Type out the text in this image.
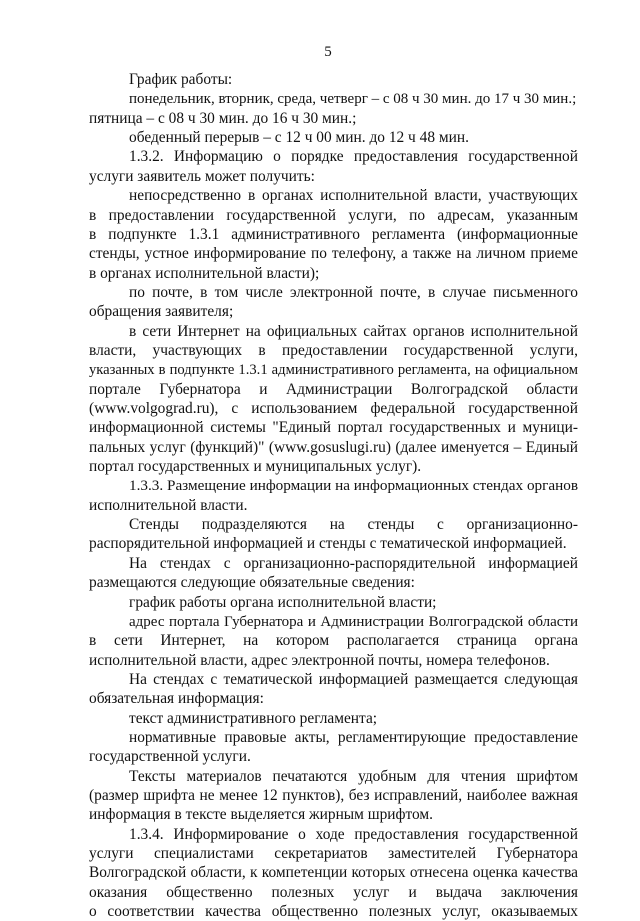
5
График работы:
понедельник, вторник, среда, четверг – с 08 ч 30 мин. до 17 ч 30 мин.;
пятница – с 08 ч 30 мин. до 16 ч 30 мин.;
обеденный перерыв – с 12 ч 00 мин. до 12 ч 48 мин.
1.3.2. Информацию о порядке предоставления государственной
услуги заявитель может получить:
непосредственно в органах исполнительной власти, участвующих
в предоставлении государственной услуги, по адресам, указанным
в подпункте 1.3.1 административного регламента (информационные
стенды, устное информирование по телефону, а также на личном приеме
в органах исполнительной власти);
по почте, в том числе электронной почте, в случае письменного
обращения заявителя;
в сети Интернет на официальных сайтах органов исполнительной
власти, участвующих в предоставлении государственной услуги,
указанных в подпункте 1.3.1 административного регламента, на официальном
портале Губернатора и Администрации Волгоградской области
(www.volgograd.ru), с использованием федеральной государственной
информационной системы "Единый портал государственных и муници-
пальных услуг (функций)" (www.gosuslugi.ru) (далее именуется – Единый
портал государственных и муниципальных услуг).
1.3.3. Размещение информации на информационных стендах органов
исполнительной власти.
Стенды подразделяются на стенды с организационно-
распорядительной информацией и стенды с тематической информацией.
На стендах с организационно-распорядительной информацией
размещаются следующие обязательные сведения:
график работы органа исполнительной власти;
адрес портала Губернатора и Администрации Волгоградской области
в сети Интернет, на котором располагается страница органа
исполнительной власти, адрес электронной почты, номера телефонов.
На стендах с тематической информацией размещается следующая
обязательная информация:
текст административного регламента;
нормативные правовые акты, регламентирующие предоставление
государственной услуги.
Тексты материалов печатаются удобным для чтения шрифтом
(размер шрифта не менее 12 пунктов), без исправлений, наиболее важная
информация в тексте выделяется жирным шрифтом.
1.3.4. Информирование о ходе предоставления государственной
услуги специалистами секретариатов заместителей Губернатора
Волгоградской области, к компетенции которых отнесена оценка качества
оказания общественно полезных услуг и выдача заключения
о соответствии качества общественно полезных услуг, оказываемых
